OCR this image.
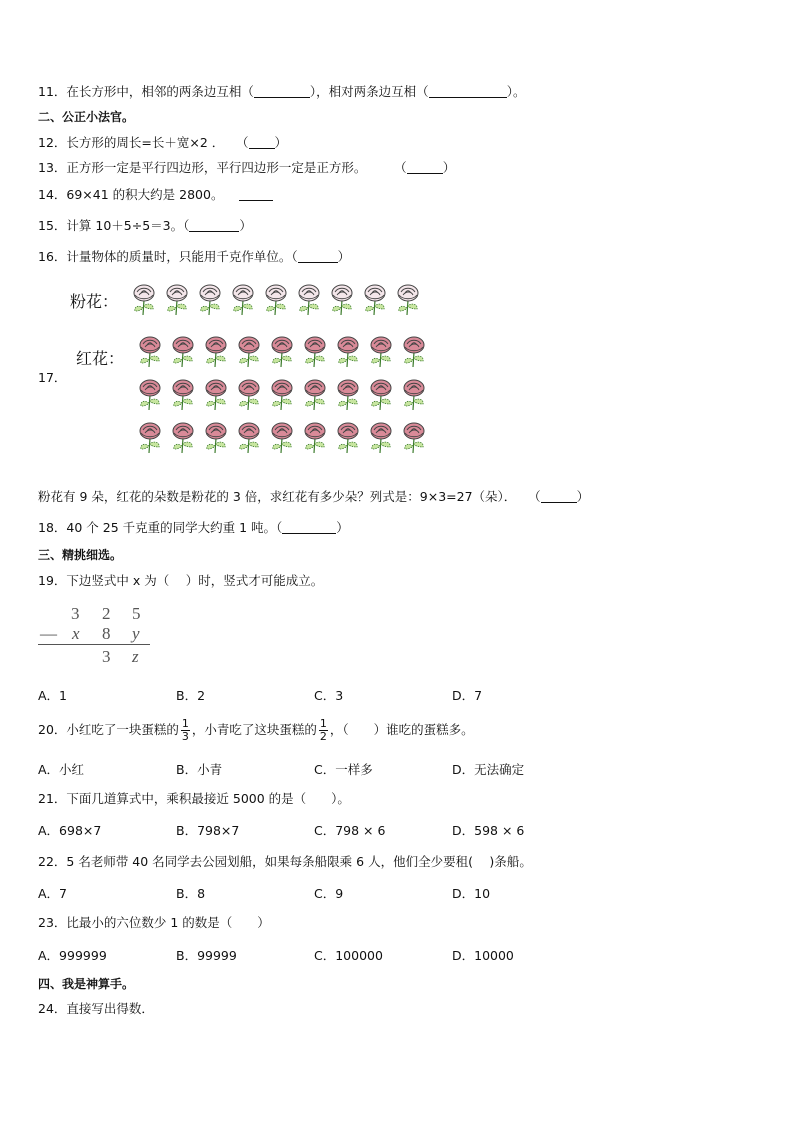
11．在长方形中，相邻的两条边互相（	），相对两条边互相（	）。
二、公正小法官。
12．长方形的周长=长＋宽×2 ． （ ）
13．正方形一定是平行四边形，平行四边形一定是正方形。	（	）
14．69×41 的积大约是 2800。
15．计算 10＋5÷5＝3。（	）
16．计量物体的质量时，只能用千克作单位。（	）
粉花：
红花：
17．
粉花有 9 朵，红花的朵数是粉花的 3 倍，求红花有多少朵？列式是：9×3=27（朵）． （	）
18．40 个 25 千克重的同学大约重 1 吨。（	）
三、精挑细选。
19．下边竖式中 x 为（　 ）时，竖式才可能成立。
3 2 5
— x 8 y
3 z
A．1	B．2	C．3	D．7
20．小红吃了一块蛋糕的 $\frac{1}{3}$ ，小青吃了这块蛋糕的 $\frac{1}{2}$ ，（　　）谁吃的蛋糕多。
A．小红	B．小青	C．一样多	D．无法确定
21．下面几道算式中，乘积最接近 5000 的是（　　）。
A．698×7	B．798×7	C．798 × 6	D．598 × 6
22．5 名老师带 40 名同学去公园划船，如果每条船限乘 6 人，他们全少要租(　 )条船。
A．7	B．8	C．9	D．10
23．比最小的六位数少 1 的数是（　　）
A．999999	B．99999	C．100000	D．10000
四、我是神算手。
24．直接写出得数．
